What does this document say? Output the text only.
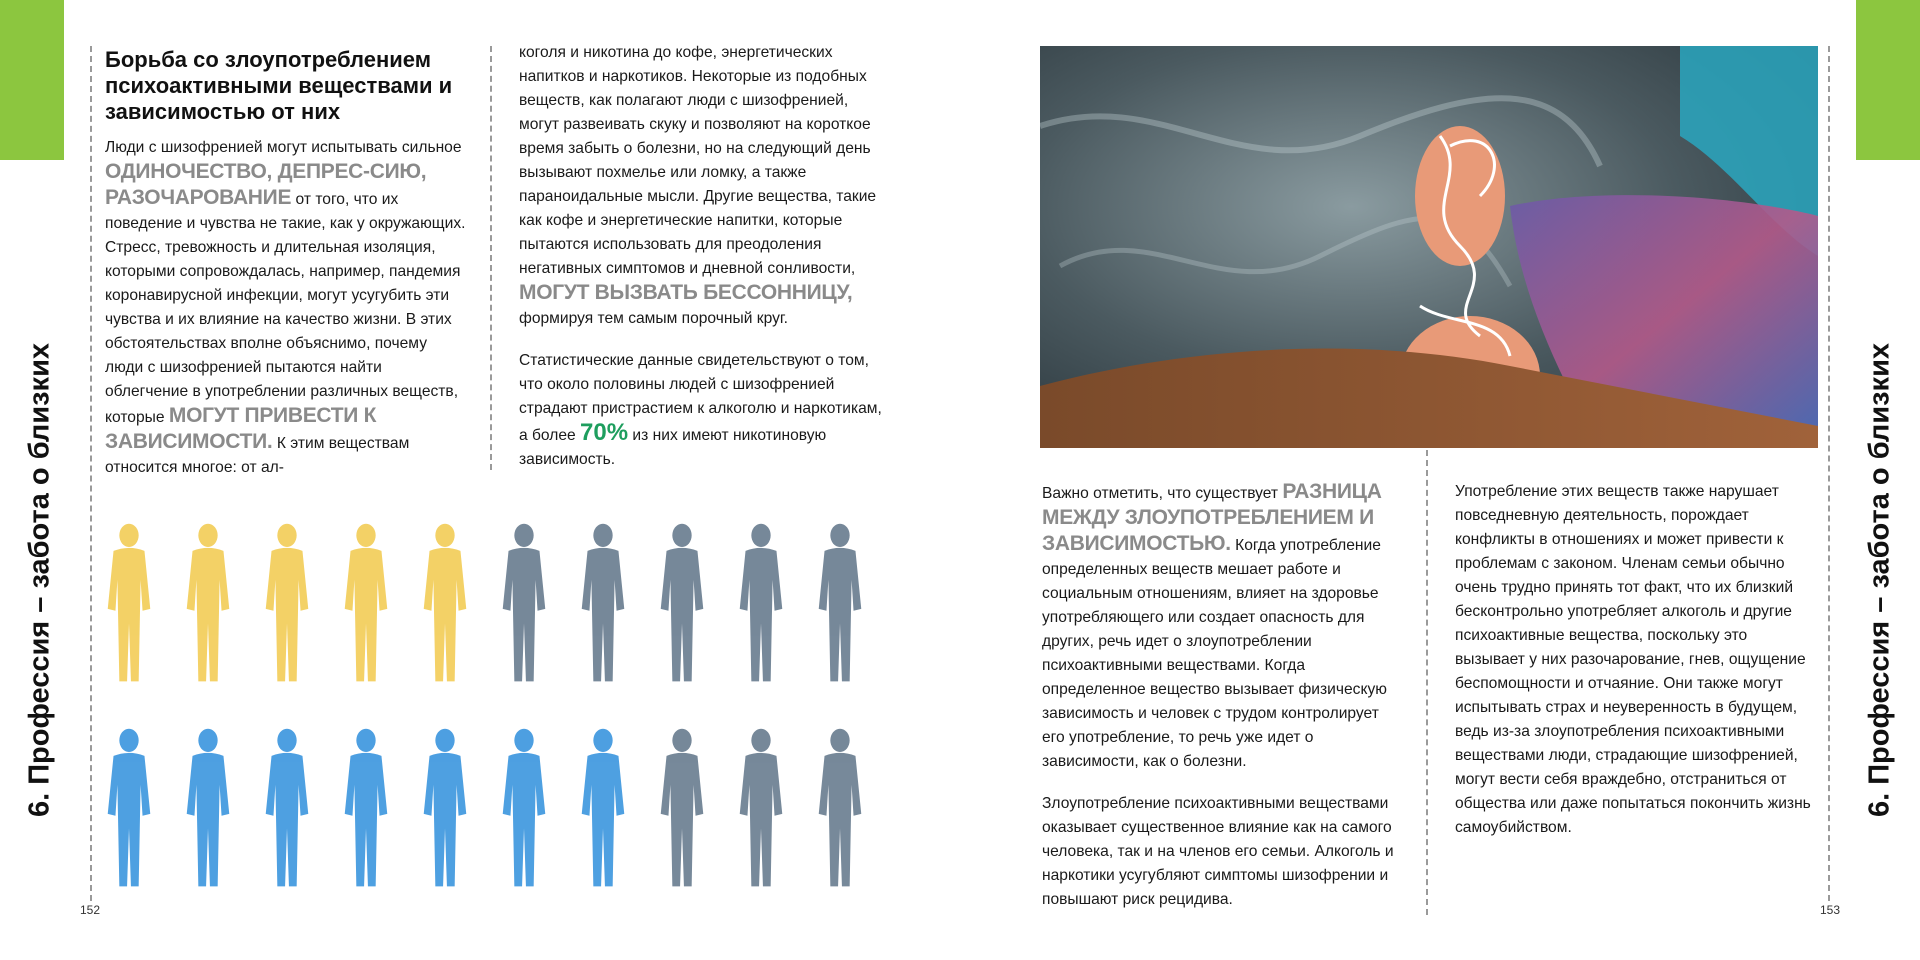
6. Профессия – забота о близких	6. Профессия – забота о близких
152	153
Борьба со злоупотреблением психоактивными веществами и зависимостью от них

Люди с шизофренией могут испытывать сильное ОДИНОЧЕСТВО, ДЕПРЕС-СИЮ, РАЗОЧАРОВАНИЕ от того, что их поведение и чувства не такие, как у окружающих. Стресс, тревожность и длительная изоляция, которыми сопровождалась, например, пандемия коронавирусной инфекции, могут усугубить эти чувства и их влияние на качество жизни. В этих обстоятельствах вполне объяснимо, почему люди с шизофренией пытаются найти облегчение в употреблении различных веществ, которые МОГУТ ПРИВЕСТИ К ЗАВИСИМОСТИ. К этим веществам относится многое: от ал-

коголя и никотина до кофе, энергетических напитков и наркотиков. Некоторые из подобных веществ, как полагают люди с шизофренией, могут развеивать скуку и позволяют на короткое время забыть о болезни, но на следующий день вызывают похмелье или ломку, а также параноидальные мысли. Другие вещества, такие как кофе и энергетические напитки, которые пытаются использовать для преодоления негативных симптомов и дневной сонливости, МОГУТ ВЫЗВАТЬ БЕССОННИЦУ, формируя тем самым порочный круг.

Статистические данные свидетельствуют о том, что около половины людей с шизофренией страдают пристрастием к алкоголю и наркотикам, а более 70% из них имеют никотиновую зависимость.

Важно отметить, что существует РАЗНИЦА МЕЖДУ ЗЛОУПОТРЕБЛЕНИЕМ И ЗАВИСИМОСТЬЮ. Когда употребление определенных веществ мешает работе и социальным отношениям, влияет на здоровье употребляющего или создает опасность для других, речь идет о злоупотреблении психоактивными веществами. Когда определенное вещество вызывает физическую зависимость и человек с трудом контролирует его употребление, то речь уже идет о зависимости, как о болезни.

Злоупотребление психоактивными веществами оказывает существенное влияние как на самого человека, так и на членов его семьи. Алкоголь и наркотики усугубляют симптомы шизофрении и повышают риск рецидива.

Употребление этих веществ также нарушает повседневную деятельность, порождает конфликты в отношениях и может привести к проблемам с законом. Членам семьи обычно очень трудно принять тот факт, что их близкий бесконтрольно употребляет алкоголь и другие психоактивные вещества, поскольку это вызывает у них разочарование, гнев, ощущение беспомощности и отчаяние. Они также могут испытывать страх и неуверенность в будущем, ведь из-за злоупотребления психоактивными веществами люди, страдающие шизофренией, могут вести себя враждебно, отстраниться от общества или даже попытаться покончить жизнь самоубийством.
